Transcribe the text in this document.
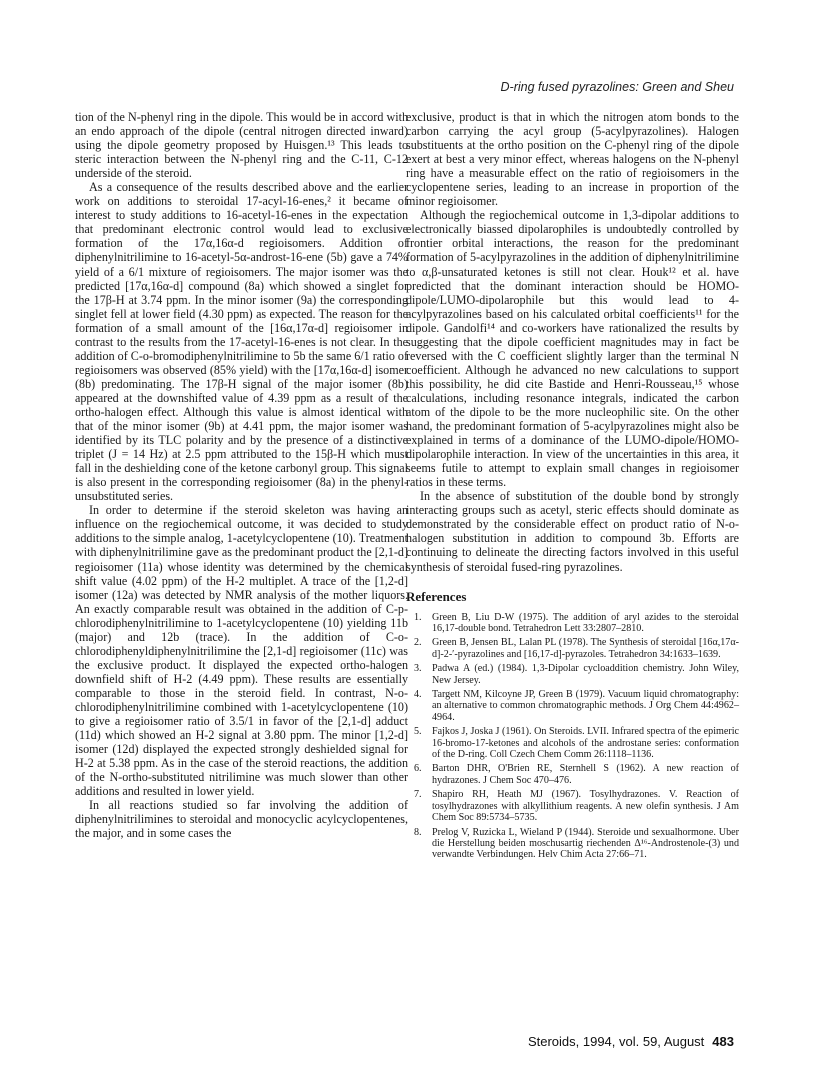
D-ring fused pyrazolines: Green and Sheu

tion of the N-phenyl ring in the dipole. This would be in accord with an endo approach of the dipole (central nitrogen directed inward) using the dipole geometry proposed by Huisgen.¹³ This leads to steric interaction between the N-phenyl ring and the C-11, C-12 underside of the steroid.

As a consequence of the results described above and the earlier work on additions to steroidal 17-acyl-16-enes,² it became of interest to study additions to 16-acetyl-16-enes in the expectation that predominant electronic control would lead to exclusive formation of the 17α,16α-d regioisomers. Addition of diphenylnitrilimine to 16-acetyl-5α-androst-16-ene (5b) gave a 74% yield of a 6/1 mixture of regioisomers. The major isomer was the predicted [17α,16α-d] compound (8a) which showed a singlet for the 17β-H at 3.74 ppm. In the minor isomer (9a) the corresponding singlet fell at lower field (4.30 ppm) as expected. The reason for the formation of a small amount of the [16α,17α-d] regioisomer in contrast to the results from the 17-acetyl-16-enes is not clear. In the addition of C-o-bromodiphenylnitrilimine to 5b the same 6/1 ratio of regioisomers was observed (85% yield) with the [17α,16α-d] isomer (8b) predominating. The 17β-H signal of the major isomer (8b) appeared at the downshifted value of 4.39 ppm as a result of the ortho-halogen effect. Although this value is almost identical with that of the minor isomer (9b) at 4.41 ppm, the major isomer was identified by its TLC polarity and by the presence of a distinctive triplet (J = 14 Hz) at 2.5 ppm attributed to the 15β-H which must fall in the deshielding cone of the ketone carbonyl group. This signal is also present in the corresponding regioisomer (8a) in the phenyl-unsubstituted series.

In order to determine if the steroid skeleton was having an influence on the regiochemical outcome, it was decided to study additions to the simple analog, 1-acetylcyclopentene (10). Treatment with diphenylnitrilimine gave as the predominant product the [2,1-d] regioisomer (11a) whose identity was determined by the chemical shift value (4.02 ppm) of the H-2 multiplet. A trace of the [1,2-d] isomer (12a) was detected by NMR analysis of the mother liquors. An exactly comparable result was obtained in the addition of C-p-chlorodiphenylnitrilimine to 1-acetylcyclopentene (10) yielding 11b (major) and 12b (trace). In the addition of C-o-chlorodiphenyldiphenylnitrilimine the [2,1-d] regioisomer (11c) was the exclusive product. It displayed the expected ortho-halogen downfield shift of H-2 (4.49 ppm). These results are essentially comparable to those in the steroid field. In contrast, N-o-chlorodiphenylnitrilimine combined with 1-acetylcyclopentene (10) to give a regioisomer ratio of 3.5/1 in favor of the [2,1-d] adduct (11d) which showed an H-2 signal at 3.80 ppm. The minor [1,2-d] isomer (12d) displayed the expected strongly deshielded signal for H-2 at 5.38 ppm. As in the case of the steroid reactions, the addition of the N-ortho-substituted nitrilimine was much slower than other additions and resulted in lower yield.

In all reactions studied so far involving the addition of diphenylnitrilimines to steroidal and monocyclic acylcyclopentenes, the major, and in some cases the

exclusive, product is that in which the nitrogen atom bonds to the carbon carrying the acyl group (5-acylpyrazolines). Halogen substituents at the ortho position on the C-phenyl ring of the dipole exert at best a very minor effect, whereas halogens on the N-phenyl ring have a measurable effect on the ratio of regioisomers in the cyclopentene series, leading to an increase in proportion of the minor regioisomer.

Although the regiochemical outcome in 1,3-dipolar additions to electronically biassed dipolarophiles is undoubtedly controlled by frontier orbital interactions, the reason for the predominant formation of 5-acylpyrazolines in the addition of diphenylnitrilimine to α,β-unsaturated ketones is still not clear. Houk¹² et al. have predicted that the dominant interaction should be HOMO-dipole/LUMO-dipolarophile but this would lead to 4-acylpyrazolines based on his calculated orbital coefficients¹¹ for the dipole. Gandolfi¹⁴ and co-workers have rationalized the results by suggesting that the dipole coefficient magnitudes may in fact be reversed with the C coefficient slightly larger than the terminal N coefficient. Although he advanced no new calculations to support this possibility, he did cite Bastide and Henri-Rousseau,¹⁵ whose calculations, including resonance integrals, indicated the carbon atom of the dipole to be the more nucleophilic site. On the other hand, the predominant formation of 5-acylpyrazolines might also be explained in terms of a dominance of the LUMO-dipole/HOMO-dipolarophile interaction. In view of the uncertainties in this area, it seems futile to attempt to explain small changes in regioisomer ratios in these terms.

In the absence of substitution of the double bond by strongly interacting groups such as acetyl, steric effects should dominate as demonstrated by the considerable effect on product ratio of N-o-halogen substitution in addition to compound 3b. Efforts are continuing to delineate the directing factors involved in this useful synthesis of steroidal fused-ring pyrazolines.

References
1.	Green B, Liu D-W (1975). The addition of aryl azides to the steroidal 16,17-double bond. Tetrahedron Lett 33:2807–2810.
2.	Green B, Jensen BL, Lalan PL (1978). The Synthesis of steroidal [16α,17α-d]-2-′-pyrazolines and [16,17-d]-pyrazoles. Tetrahedron 34:1633–1639.
3.	Padwa A (ed.) (1984). 1,3-Dipolar cycloaddition chemistry. John Wiley, New Jersey.
4.	Targett NM, Kilcoyne JP, Green B (1979). Vacuum liquid chromatography: an alternative to common chromatographic methods. J Org Chem 44:4962–4964.
5.	Fajkos J, Joska J (1961). On Steroids. LVII. Infrared spectra of the epimeric 16-bromo-17-ketones and alcohols of the androstane series: conformation of the D-ring. Coll Czech Chem Comm 26:1118–1136.
6.	Barton DHR, O'Brien RE, Sternhell S (1962). A new reaction of hydrazones. J Chem Soc 470–476.
7.	Shapiro RH, Heath MJ (1967). Tosylhydrazones. V. Reaction of tosylhydrazones with alkyllithium reagents. A new olefin synthesis. J Am Chem Soc 89:5734–5735.
8.	Prelog V, Ruzicka L, Wieland P (1944). Steroide und sexualhormone. Uber die Herstellung beiden moschusartig riechenden Δ¹⁶-Androstenole-(3) und verwandte Verbindungen. Helv Chim Acta 27:66–71.
Steroids, 1994, vol. 59, August 483
